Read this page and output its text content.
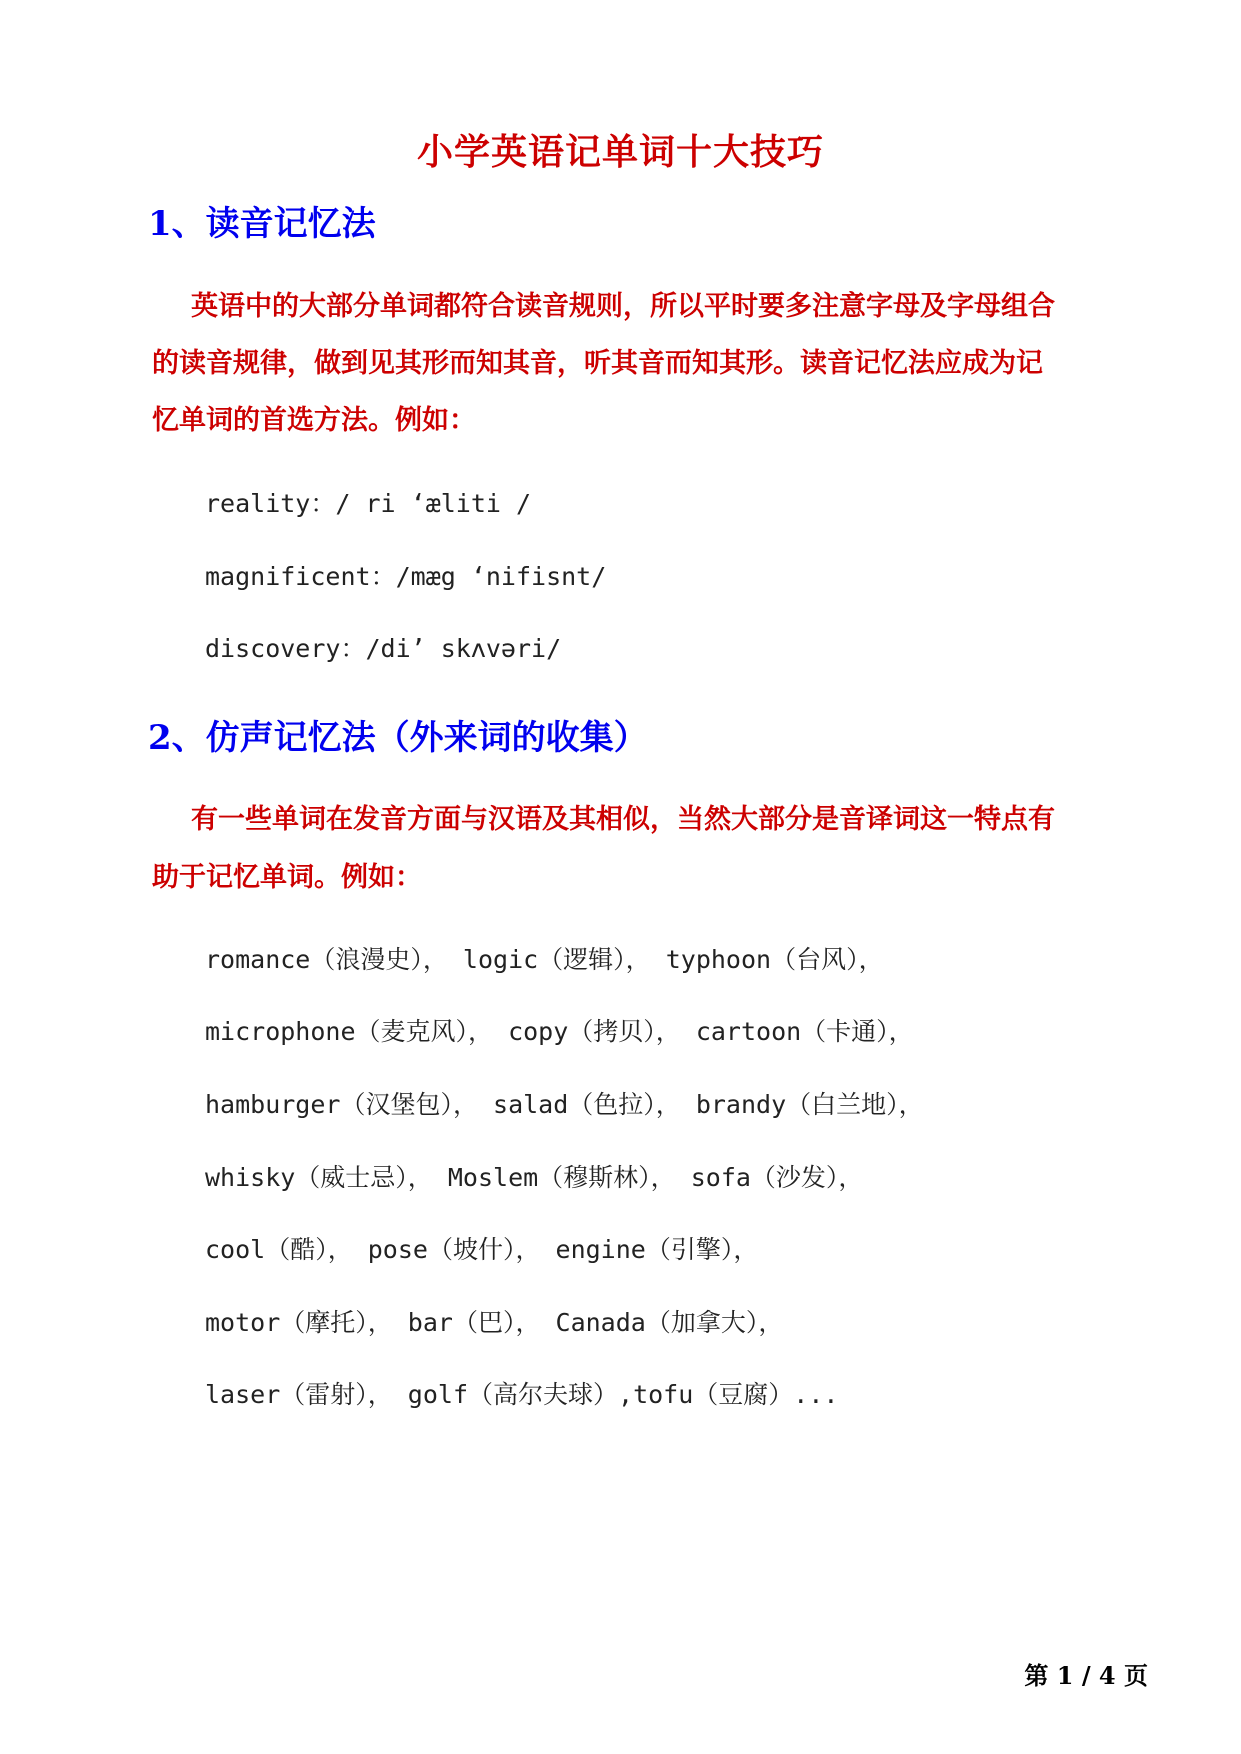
小学英语记单词十大技巧
1、读音记忆法

英语中的大部分单词都符合读音规则，所以平时要多注意字母及字母组合

的读音规律，做到见其形而知其音，听其音而知其形。读音记忆法应成为记

忆单词的首选方法。例如：

reality：/ ri ‘æliti /

magnificent：/mæg ‘nifisnt/

discovery：/di’ skʌvəri/

2、仿声记忆法（外来词的收集）

有一些单词在发音方面与汉语及其相似，当然大部分是音译词这一特点有

助于记忆单词。例如：

romance（浪漫史）， logic（逻辑）， typhoon（台风），

microphone（麦克风）， copy（拷贝）， cartoon（卡通），

hamburger（汉堡包）， salad（色拉）， brandy（白兰地），

whisky（威士忌）， Moslem（穆斯林）， sofa（沙发），

cool（酷）， pose（坡什）， engine（引擎），

motor（摩托）， bar（巴）， Canada（加拿大），

laser（雷射）， golf（高尔夫球）,tofu（豆腐）...

第 1 / 4 页
